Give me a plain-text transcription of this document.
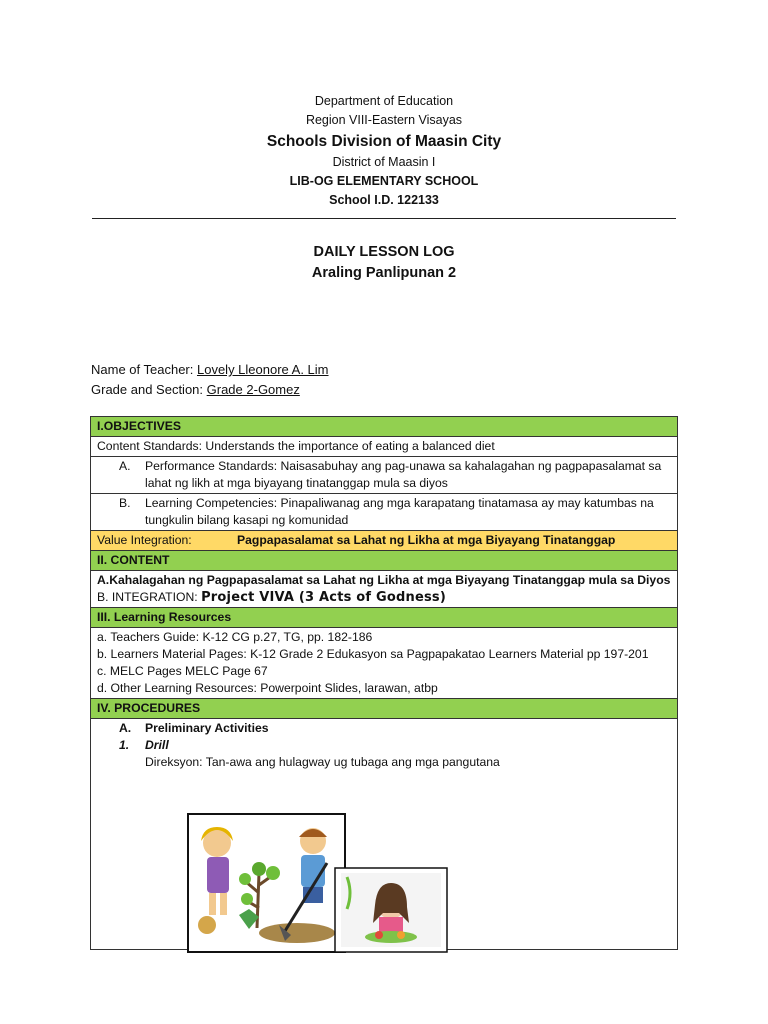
Department of Education
Region VIII-Eastern Visayas
Schools Division of Maasin City
District of Maasin I
LIB-OG ELEMENTARY SCHOOL
School I.D. 122133
DAILY LESSON LOG
Araling Panlipunan 2
Name of Teacher: Lovely Lleonore A. Lim
Grade and Section: Grade 2-Gomez
I.OBJECTIVES
Content Standards: Understands the importance of eating a balanced diet

A.	Performance Standards: Naisasabuhay ang pag-unawa sa kahalagahan ng pagpapasalamat sa lahat ng likh at mga biyayang tinatanggap mula sa diyos

B.	Learning Competencies: Pinapaliwanag ang mga karapatang tinatamasa ay may katumbas na tungkulin bilang kasapi ng komunidad

Value Integration:	Pagpapasalamat sa Lahat ng Likha at mga Biyayang Tinatanggap
II. CONTENT

A.Kahalagahan ng Pagpapasalamat sa Lahat ng Likha at mga Biyayang Tinatanggap mula sa Diyos
B. INTEGRATION: Project VIVA (3 Acts of Godness)

III. Learning Resources

a. Teachers Guide: K-12 CG p.27, TG, pp. 182-186
b. Learners Material Pages: K-12 Grade 2 Edukasyon sa Pagpapakatao Learners Material pp 197-201
c. MELC Pages MELC Page 67
d. Other Learning Resources: Powerpoint Slides, larawan, atbp

IV. PROCEDURES

A.	Preliminary Activities
1.	Drill
Direksyon: Tan-awa ang hulagway ug tubaga ang mga pangutana
